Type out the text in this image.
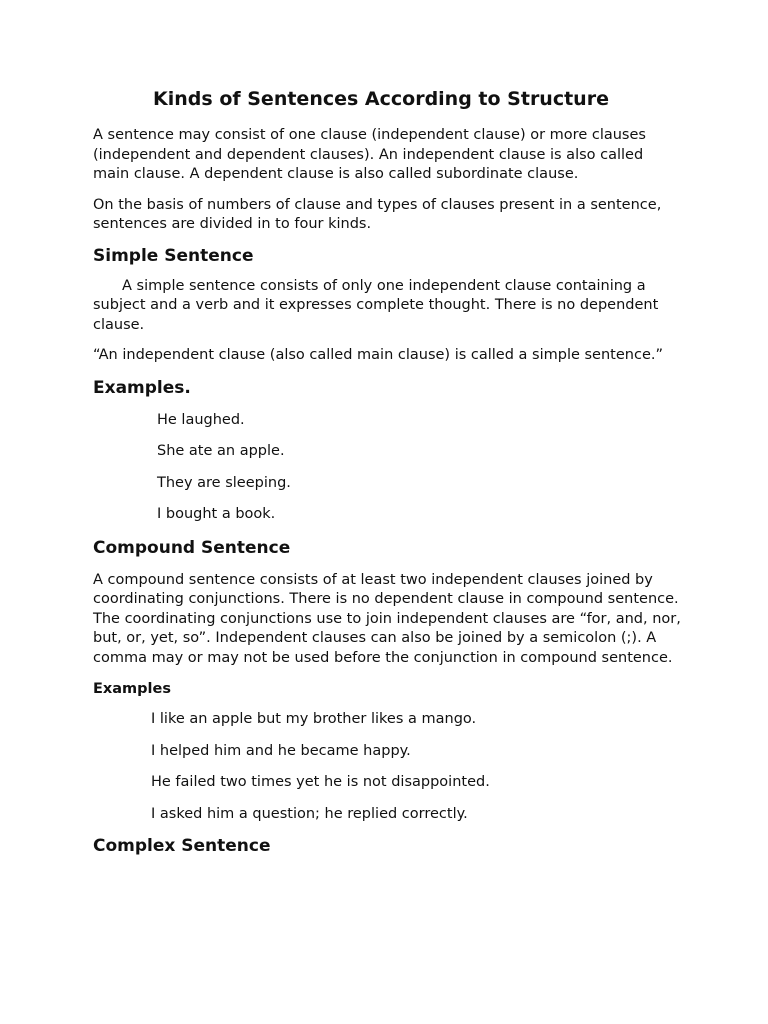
Kinds of Sentences According to Structure

A sentence may consist of one clause (independent clause) or more clauses (independent and dependent clauses). An independent clause is also called main clause. A dependent clause is also called subordinate clause.

On the basis of numbers of clause and types of clauses present in a sentence, sentences are divided in to four kinds.

Simple Sentence

A simple sentence consists of only one independent clause containing a subject and a verb and it expresses complete thought. There is no dependent clause.

“An independent clause (also called main clause) is called a simple sentence.”

Examples.
He laughed.
She ate an apple.
They are sleeping.
I bought a book.
Compound Sentence

A compound sentence consists of at least two independent clauses joined by coordinating conjunctions. There is no dependent clause in compound sentence. The coordinating conjunctions use to join independent clauses are “for, and, nor, but, or, yet, so”. Independent clauses can also be joined by a semicolon (;). A comma may or may not be used before the conjunction in compound sentence.

Examples
I like an apple but my brother likes a mango.
I helped him and he became happy.
He failed two times yet he is not disappointed.
I asked him a question; he replied correctly.
Complex Sentence
